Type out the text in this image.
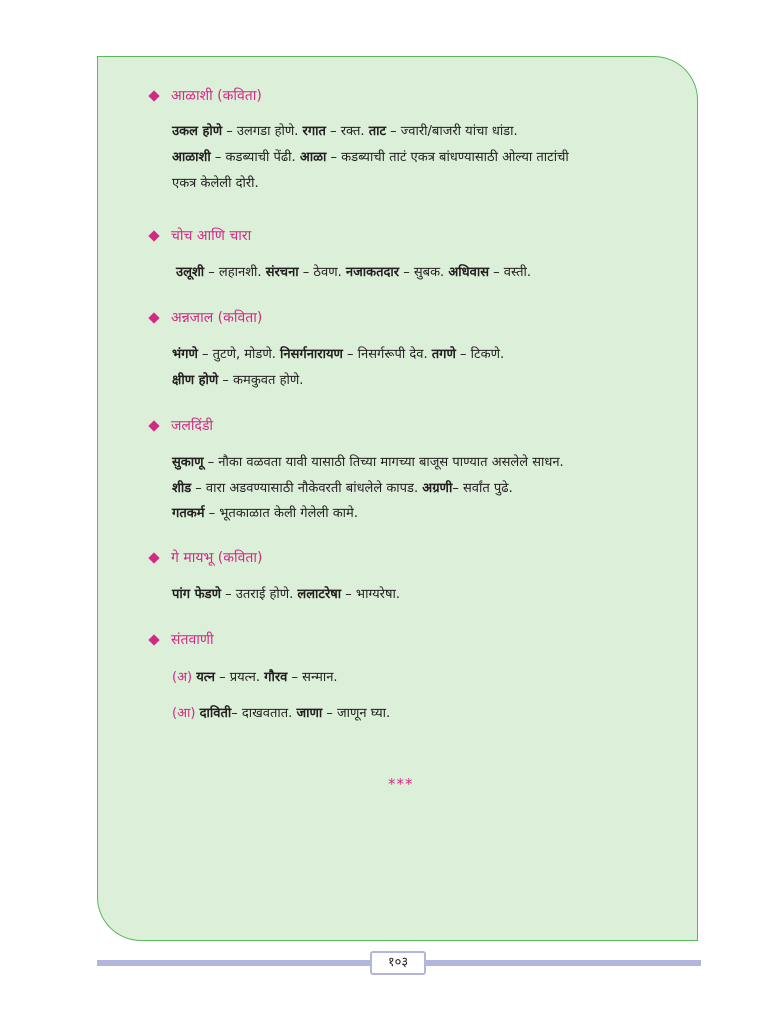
आळाशी (कविता)
उकल होणे – उलगडा होणे. रगात – रक्त. ताट – ज्वारी/बाजरी यांचा धांडा.
आळाशी – कडब्याची पेंढी. आळा – कडब्याची ताटं एकत्र बांधण्यासाठी ओल्या ताटांची
एकत्र केलेली दोरी.
चोच आणि चारा
उलूशी – लहानशी. संरचना – ठेवण. नजाकतदार – सुबक. अधिवास – वस्ती.
अन्नजाल (कविता)
भंगणे – तुटणे, मोडणे. निसर्गनारायण – निसर्गरूपी देव. तगणे – टिकणे.
क्षीण होणे – कमकुवत होणे.
जलदिंडी
सुकाणू – नौका वळवता यावी यासाठी तिच्या मागच्या बाजूस पाण्यात असलेले साधन.
शीड – वारा अडवण्यासाठी नौकेवरती बांधलेले कापड. अग्रणी– सर्वांत पुढे.
गतकर्म – भूतकाळात केली गेलेली कामे.
गे मायभू (कविता)
पांग फेडणे – उतराई होणे. ललाटरेषा – भाग्यरेषा.
संतवाणी
(अ) यत्न – प्रयत्न. गौरव – सन्मान.
(आ) दाविती– दाखवतात. जाणा – जाणून घ्या.
***
१०३
